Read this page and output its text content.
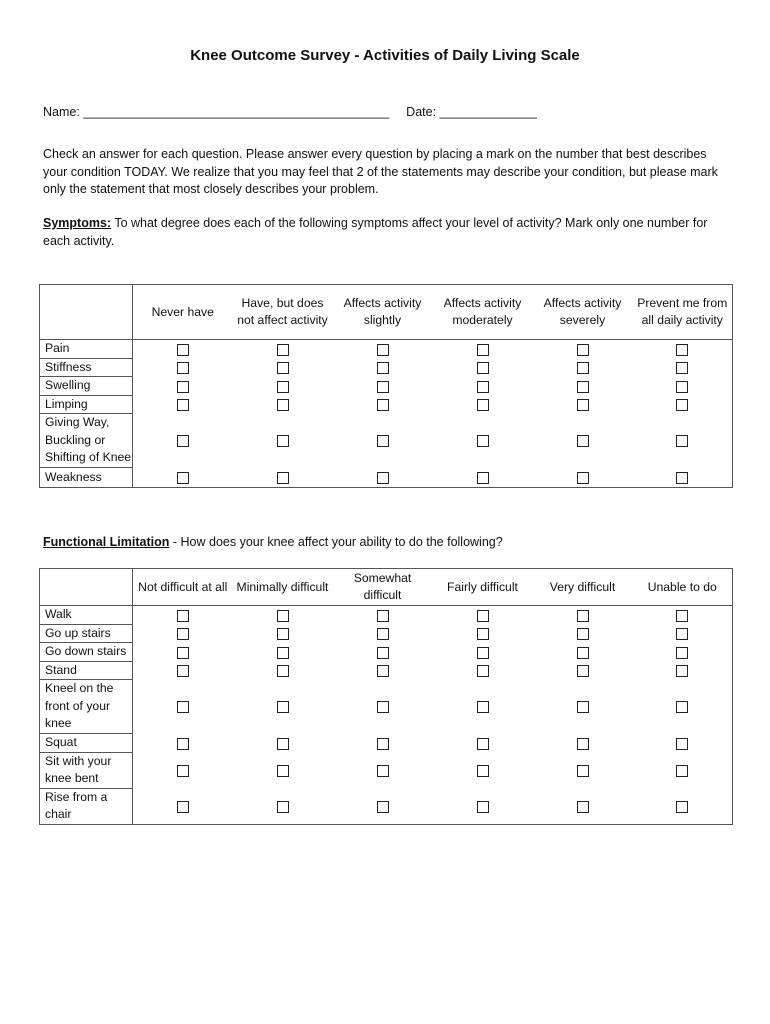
Knee Outcome Survey - Activities of Daily Living Scale
Name: ____________________________________________ Date: ______________

Check an answer for each question. Please answer every question by placing a mark on the number that best describes your condition TODAY. We realize that you may feel that 2 of the statements may describe your condition, but please mark only the statement that most closely describes your problem.

Symptoms: To what degree does each of the following symptoms affect your level of activity? Mark only one number for each activity.

	Never have	Have, but does not affect activity	Affects activity slightly	Affects activity moderately	Affects activity severely	Prevent me from all daily activity
Pain						
Stiffness						
Swelling						
Limping						
Giving Way, Buckling or Shifting of Knee						
Weakness						

Functional Limitation - How does your knee affect your ability to do the following?

	Not difficult at all	Minimally difficult	Somewhat difficult	Fairly difficult	Very difficult	Unable to do
Walk						
Go up stairs						
Go down stairs						
Stand						
Kneel on the front of your knee						
Squat						
Sit with your knee bent						
Rise from a chair						
